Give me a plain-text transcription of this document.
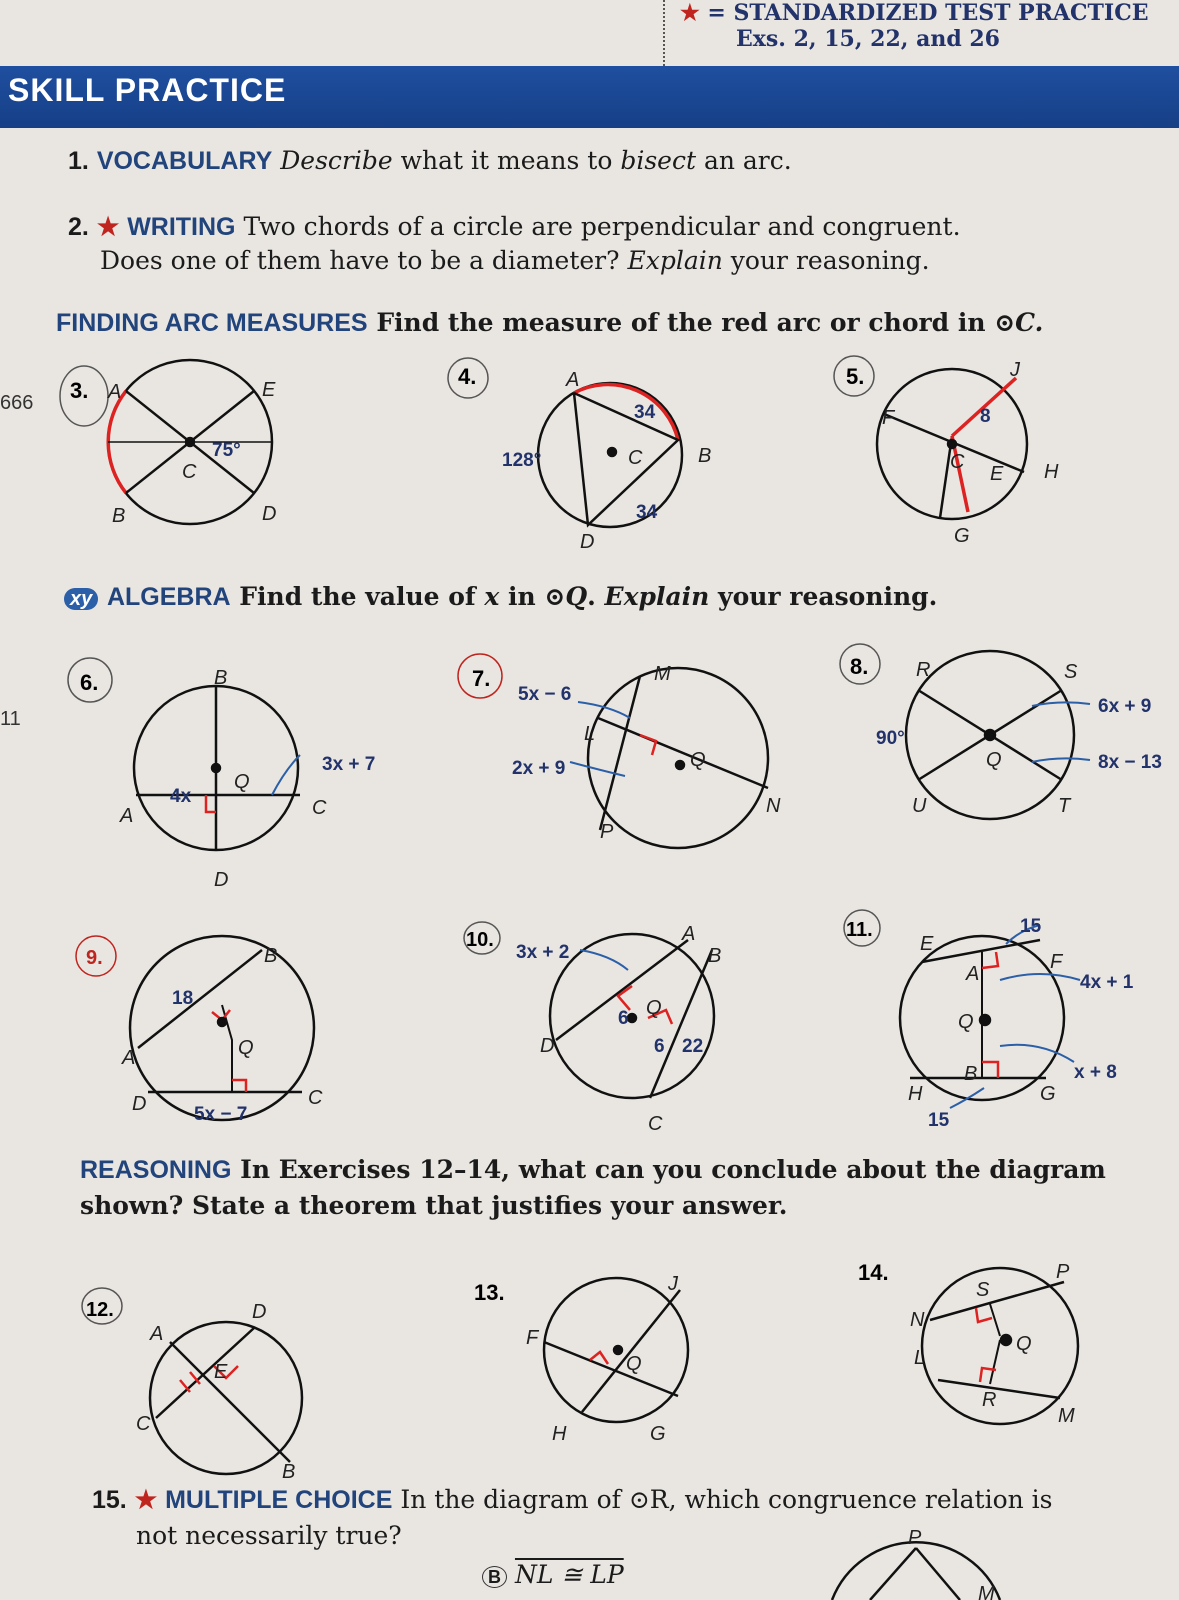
★ = STANDARDIZED TEST PRACTICE
Exs. 2, 15, 22, and 26
SKILL PRACTICE
666
11
1. VOCABULARY Describe what it means to bisect an arc.
2. ★ WRITING Two chords of a circle are perpendicular and congruent.
Does one of them have to be a diameter? Explain your reasoning.
FINDING ARC MEASURES Find the measure of the red arc or chord in ⊙C.
xy ALGEBRA Find the value of x in ⊙Q. Explain your reasoning.
REASONING In Exercises 12–14, what can you conclude about the diagram
shown? State a theorem that justifies your answer.
15. ★ MULTIPLE CHOICE In the diagram of ⊙R, which congruence relation is
not necessarily true?
B NL ≅ LP
3. A	E
B	D
C
75°
4.	A
B
C
D
128°
34
34
5.
F
J
C
E H
G
8
6.	B
Q
A	C
D
4x
3x + 7
7.	M
L
Q
N
P
5x − 6
2x + 9
8. R	S
Q
U	T
90°
6x + 9
8x − 13
9.	B
Q
A
D	C
18
5x − 7
10.	A
B
Q
D
C
3x + 2
6
6 22
11.
E
A
F
Q
B
H	G
15
15
4x + 1
x + 8
12.
A
D
E
C
B
13.	J
F
Q
H	G
14.
S
P
N
L
Q
R
M
P
M
